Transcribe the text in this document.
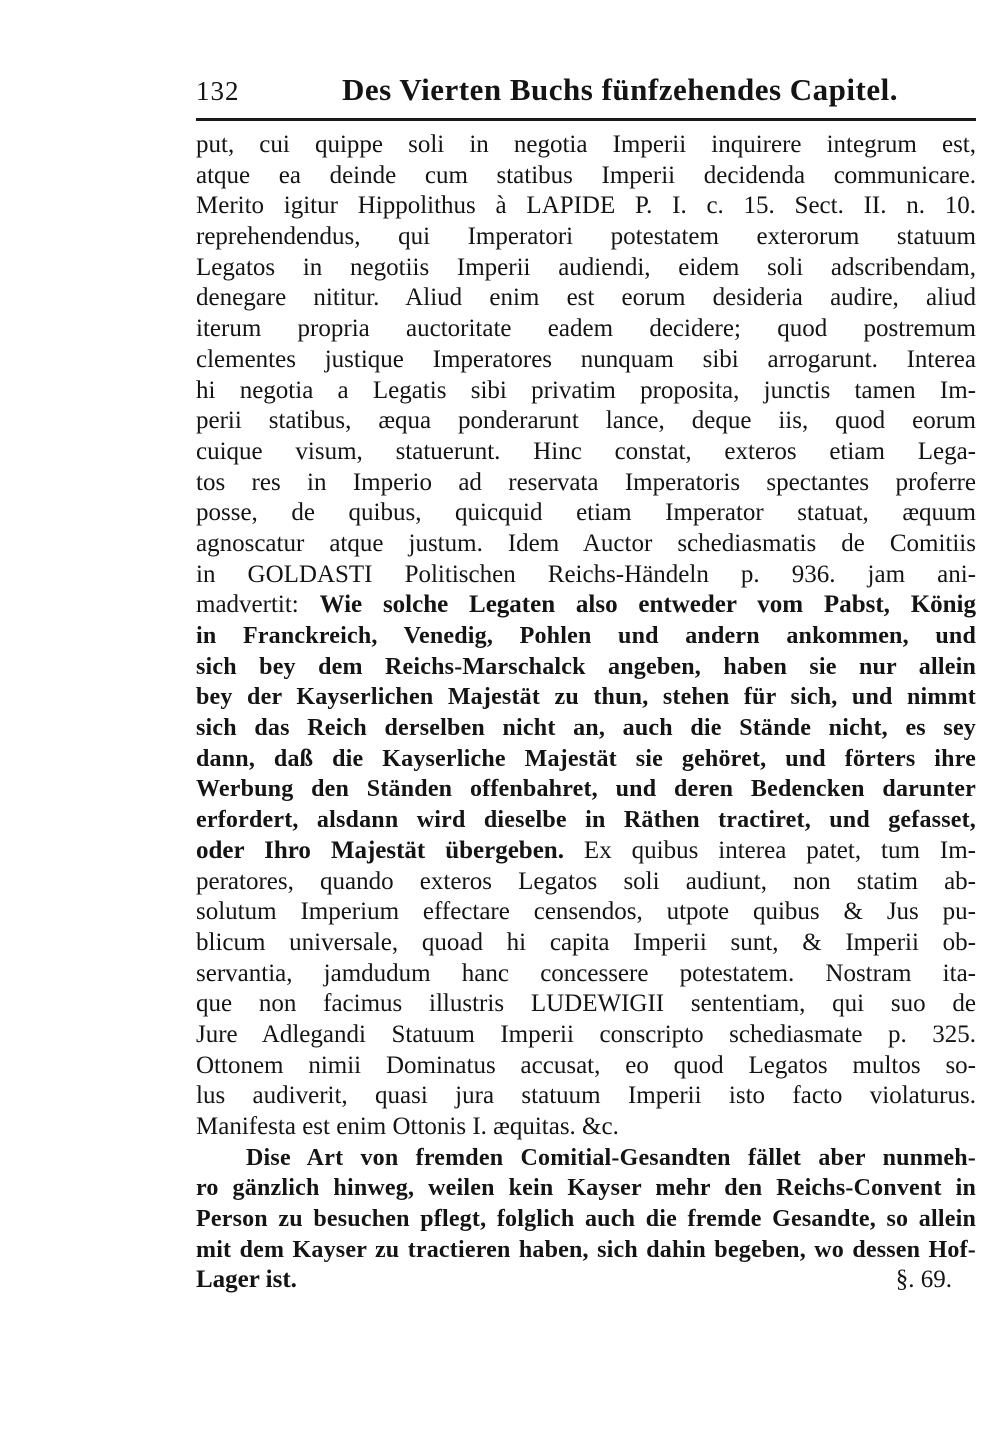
132	Des Vierten Buchs fünfzehendes Capitel.
put, cui quippe soli in negotia Imperii inquirere integrum est,
atque ea deinde cum statibus Imperii decidenda communicare.
Merito igitur Hippolithus à LAPIDE P. I. c. 15. Sect. II. n. 10.
reprehendendus, qui Imperatori potestatem exterorum statuum
Legatos in negotiis Imperii audiendi, eidem soli adscribendam,
denegare nititur. Aliud enim est eorum desideria audire, aliud
iterum propria auctoritate eadem decidere; quod postremum
clementes justique Imperatores nunquam sibi arrogarunt. Interea
hi negotia a Legatis sibi privatim proposita, junctis tamen Im-
perii statibus, æqua ponderarunt lance, deque iis, quod eorum
cuique visum, statuerunt. Hinc constat, exteros etiam Lega-
tos res in Imperio ad reservata Imperatoris spectantes proferre
posse, de quibus, quicquid etiam Imperator statuat, æquum
agnoscatur atque justum. Idem Auctor schediasmatis de Comitiis
in GOLDASTI Politischen Reichs-Händeln p. 936. jam ani-
madvertit: Wie solche Legaten also entweder vom Pabst, König
in Franckreich, Venedig, Pohlen und andern ankommen, und
sich bey dem Reichs-Marschalck angeben, haben sie nur allein
bey der Kayserlichen Majestät zu thun, stehen für sich, und nimmt
sich das Reich derselben nicht an, auch die Stände nicht, es sey
dann, daß die Kayserliche Majestät sie gehöret, und förters ihre
Werbung den Ständen offenbahret, und deren Bedencken darunter
erfordert, alsdann wird dieselbe in Räthen tractiret, und gefasset,
oder Ihro Majestät übergeben. Ex quibus interea patet, tum Im-
peratores, quando exteros Legatos soli audiunt, non statim ab-
solutum Imperium effectare censendos, utpote quibus & Jus pu-
blicum universale, quoad hi capita Imperii sunt, & Imperii ob-
servantia, jamdudum hanc concessere potestatem. Nostram ita-
que non facimus illustris LUDEWIGII sententiam, qui suo de
Jure Adlegandi Statuum Imperii conscripto schediasmate p. 325.
Ottonem nimii Dominatus accusat, eo quod Legatos multos so-
lus audiverit, quasi jura statuum Imperii isto facto violaturus.
Manifesta est enim Ottonis I. æquitas. &c.
Dise Art von fremden Comitial-Gesandten fället aber nunmeh-
ro gänzlich hinweg, weilen kein Kayser mehr den Reichs-Convent in
Person zu besuchen pflegt, folglich auch die fremde Gesandte, so allein
mit dem Kayser zu tractieren haben, sich dahin begeben, wo dessen Hof-
Lager ist.	§. 69.
